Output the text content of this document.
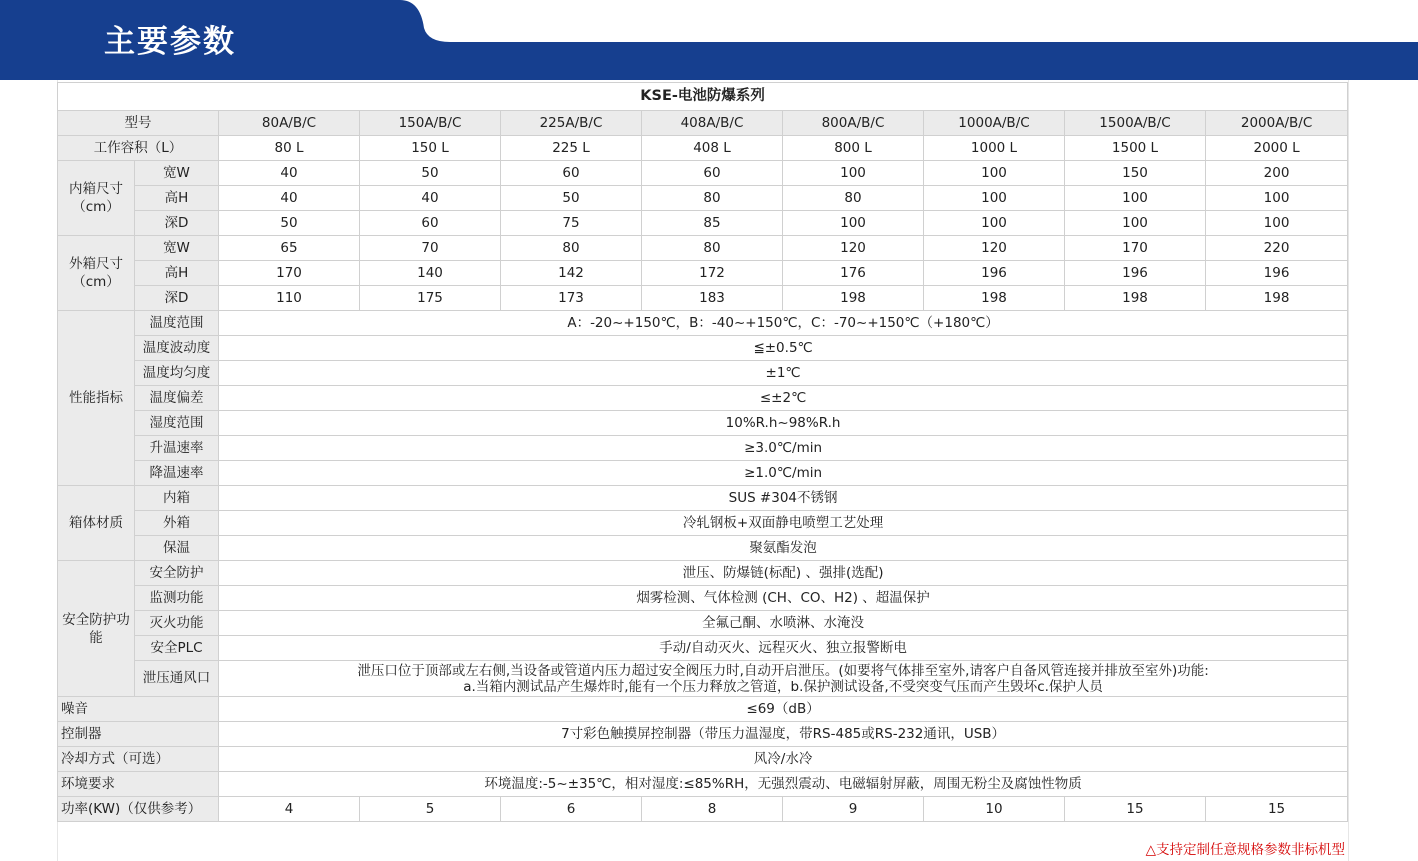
主要参数
KSE-电池防爆系列									
型号		80A/B/C	150A/B/C	225A/B/C	408A/B/C	800A/B/C	1000A/B/C	1500A/B/C	2000A/B/C
工作容积（L）		80 L	150 L	225 L	408 L	800 L	1000 L	1500 L	2000 L
内箱尺寸（cm）	宽W	40	50	60	60	100	100	150	200
	高H	40	40	50	80	80	100	100	100
	深D	50	60	75	85	100	100	100	100
外箱尺寸（cm）	宽W	65	70	80	80	120	120	170	220
	高H	170	140	142	172	176	196	196	196
	深D	110	175	173	183	198	198	198	198
性能指标	温度范围	A：-20~+150℃，B：-40~+150℃，C：-70~+150℃（+180℃）							
	温度波动度	≦±0.5℃							
	温度均匀度	±1℃							
	温度偏差	≤±2℃							
	湿度范围	10%R.h~98%R.h							
	升温速率	≥3.0℃/min							
	降温速率	≥1.0℃/min							
箱体材质	内箱	SUS #304不锈钢							
	外箱	冷轧钢板+双面静电喷塑工艺处理							
	保温	聚氨酯发泡							
安全防护功能	安全防护	泄压、防爆链(标配) 、强排(选配)							
	监测功能	烟雾检测、气体检测 (CH、CO、H2) 、超温保护							
	灭火功能	全氟己酮、水喷淋、水淹没							
	安全PLC	手动/自动灭火、远程灭火、独立报警断电							
	泄压通风口	泄压口位于顶部或左右侧,当设备或管道内压力超过安全阀压力时,自动开启泄压。(如要将气体排至室外,请客户自备风管连接并排放至室外)功能:
a.当箱内测试品产生爆炸时,能有一个压力释放之管道，b.保护测试设备,不受突变气压而产生毁坏c.保护人员							

噪音		≤69（dB）							
控制器		7寸彩色触摸屏控制器（带压力温湿度，带RS-485或RS-232通讯，USB）							
冷却方式（可选）		风冷/水冷							
环境要求		环境温度:-5~±35℃，相对湿度:≤85%RH，无强烈震动、电磁辐射屏蔽，周围无粉尘及腐蚀性物质							
功率(KW)（仅供参考）		4	5	6	8	9	10	15	15
△支持定制任意规格参数非标机型
